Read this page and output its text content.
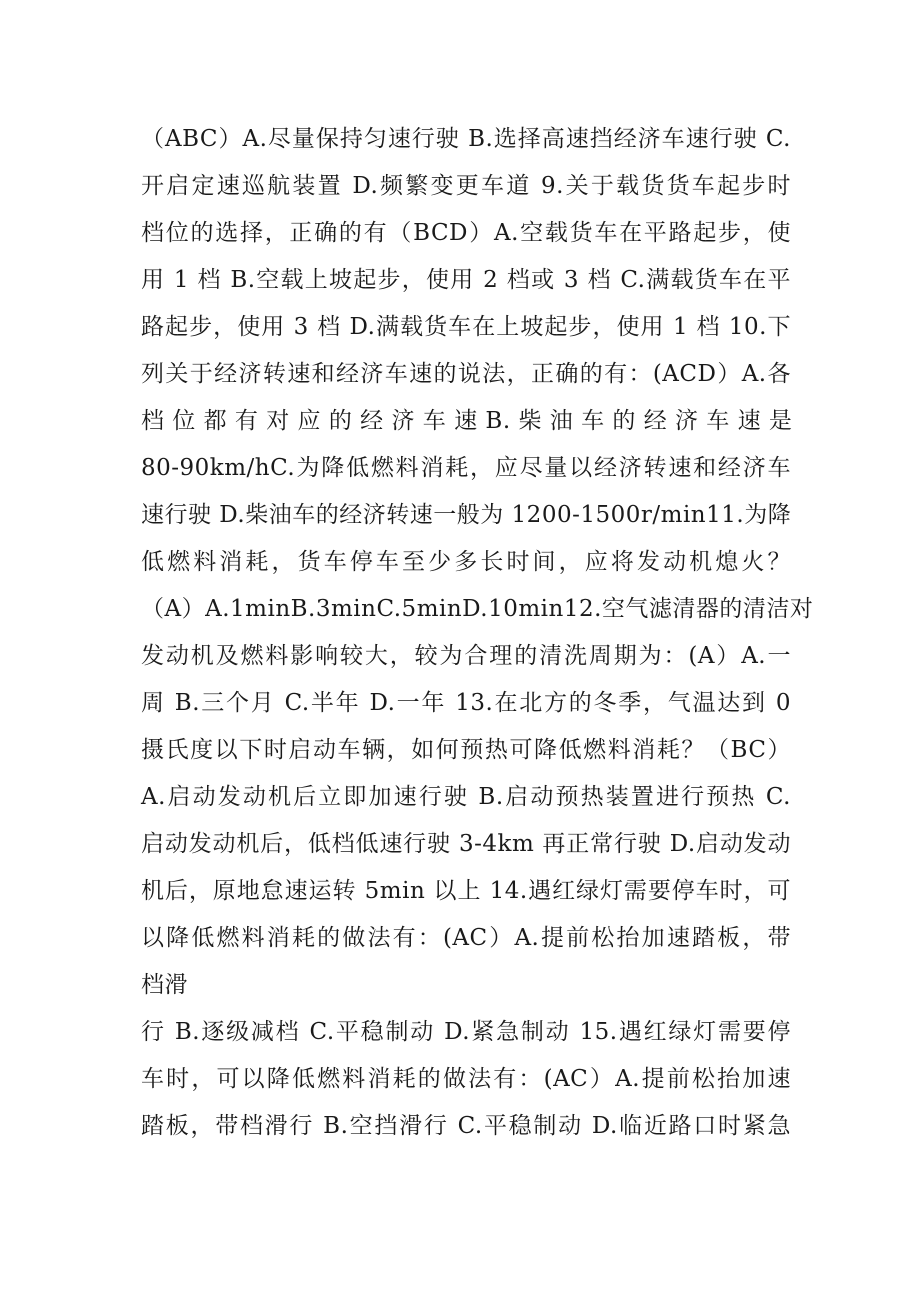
（ABC）A.尽量保持匀速行驶 B.选择高速挡经济车速行驶 C.
开启定速巡航装置 D.频繁变更车道 9.关于载货货车起步时
档位的选择，正确的有（BCD）A.空载货车在平路起步，使
用 1 档 B.空载上坡起步，使用 2 档或 3 档 C.满载货车在平
路起步，使用 3 档 D.满载货车在上坡起步，使用 1 档 10.下
列关于经济转速和经济车速的说法，正确的有：(ACD）A.各
档 位 都 有 对 应 的 经 济 车 速 B. 柴 油 车 的 经 济 车 速 是
80-90km/hC.为降低燃料消耗，应尽量以经济转速和经济车
速行驶 D.柴油车的经济转速一般为 1200-1500r/min11.为降
低燃料消耗，货车停车至少多长时间，应将发动机熄火？
（A）A.1minB.3minC.5minD.10min12.空气滤清器的清洁对
发动机及燃料影响较大，较为合理的清洗周期为：(A）A.一
周 B.三个月 C.半年 D.一年 13.在北方的冬季，气温达到 0
摄氏度以下时启动车辆，如何预热可降低燃料消耗？（BC）
A.启动发动机后立即加速行驶 B.启动预热装置进行预热 C.
启动发动机后，低档低速行驶 3-4km 再正常行驶 D.启动发动
机后，原地怠速运转 5min 以上 14.遇红绿灯需要停车时，可
以降低燃料消耗的做法有：(AC）A.提前松抬加速踏板，带
档滑
行 B.逐级减档 C.平稳制动 D.紧急制动 15.遇红绿灯需要停
车时，可以降低燃料消耗的做法有：(AC）A.提前松抬加速
踏板，带档滑行 B.空挡滑行 C.平稳制动 D.临近路口时紧急
